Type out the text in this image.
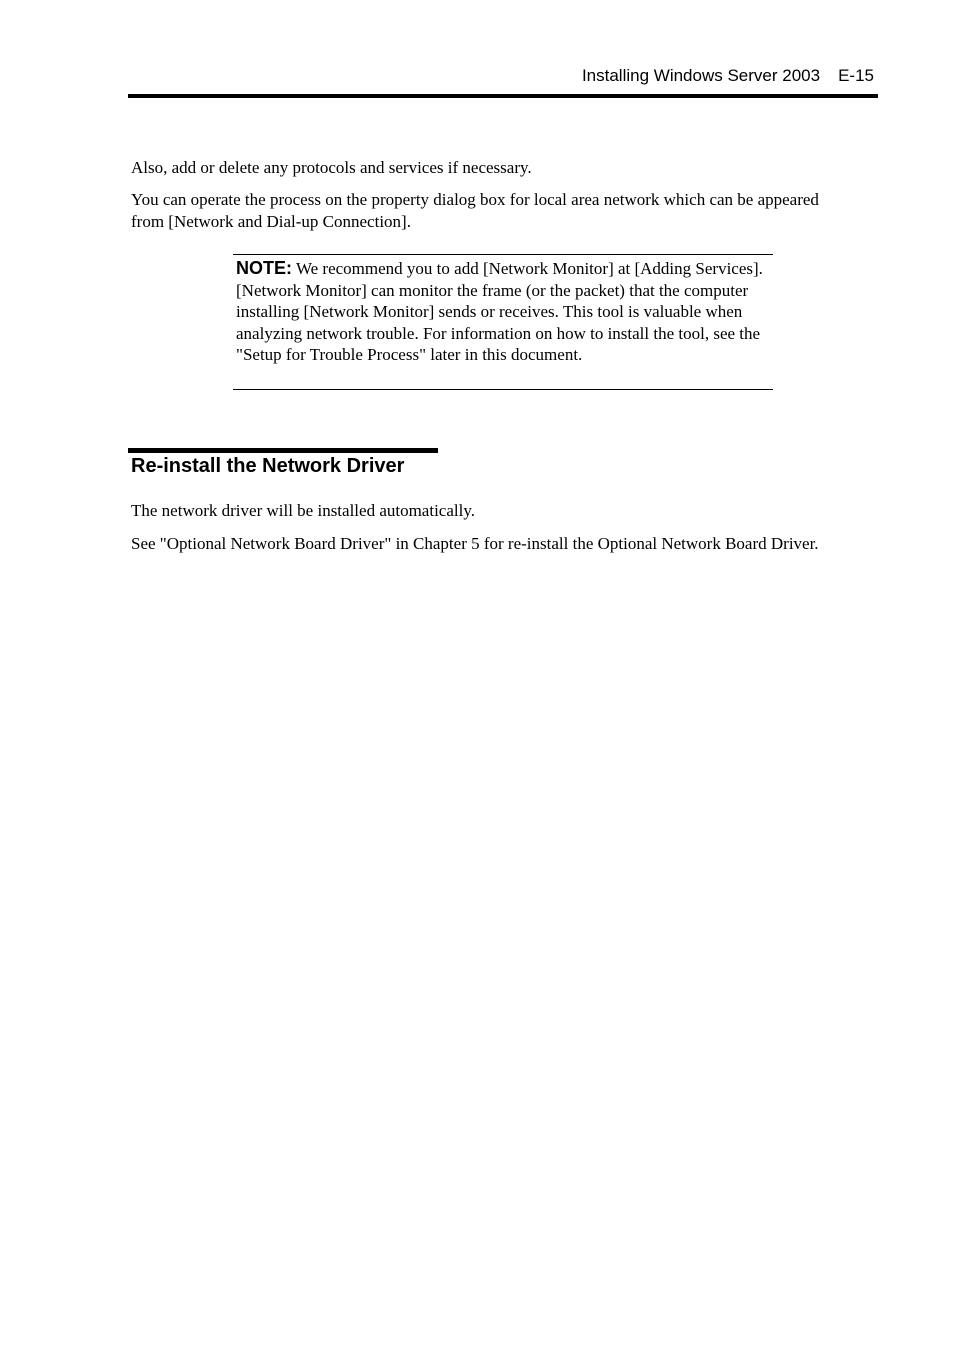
Installing Windows Server 2003 E-15

Also, add or delete any protocols and services if necessary.

You can operate the process on the property dialog box for local area network which can be appeared from [Network and Dial-up Connection].

NOTE: We recommend you to add [Network Monitor] at [Adding Services]. [Network Monitor] can monitor the frame (or the packet) that the computer installing [Network Monitor] sends or receives. This tool is valuable when analyzing network trouble. For information on how to install the tool, see the "Setup for Trouble Process" later in this document.
Re-install the Network Driver

The network driver will be installed automatically.

See "Optional Network Board Driver" in Chapter 5 for re-install the Optional Network Board Driver.
